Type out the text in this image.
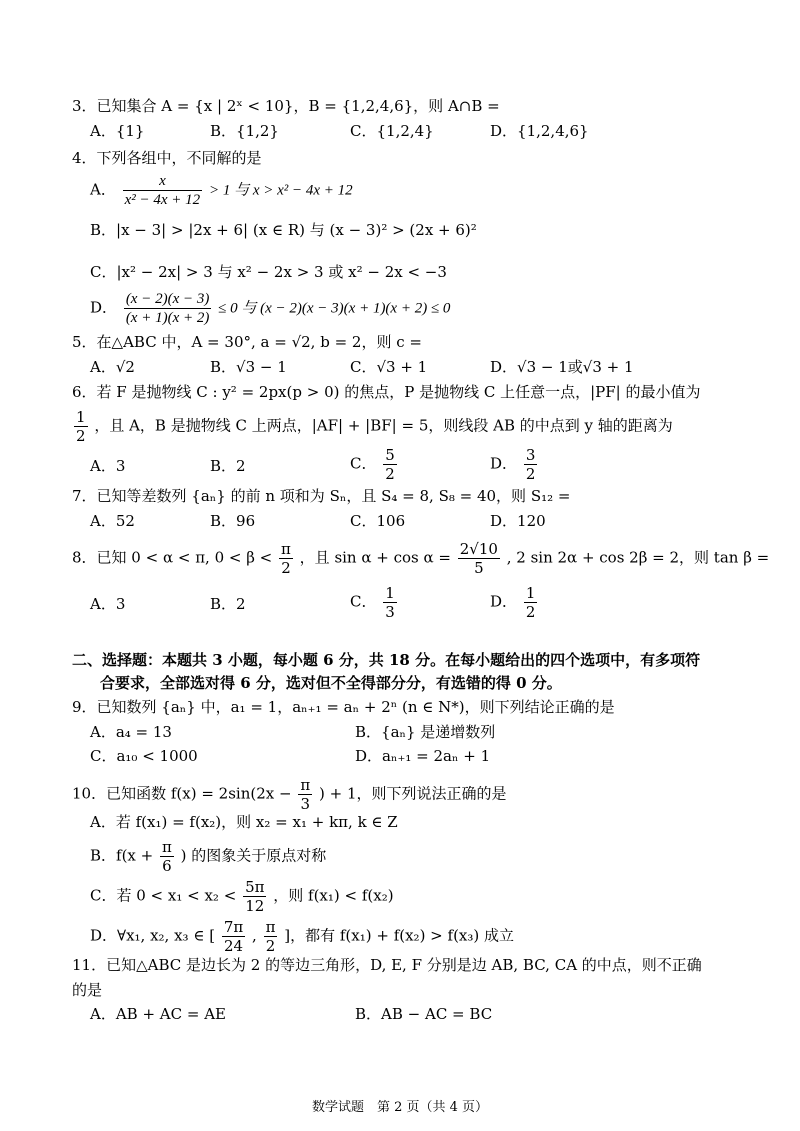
3．已知集合 A = {x | 2ˣ < 10}，B = {1,2,4,6}，则 A∩B =
A．{1}	B．{1,2}	C．{1,2,4}	D．{1,2,4,6}
4．下列各组中，不同解的是
A． $\frac{x}{\text{x² − 4x + 12}} > 1$ 与 x > x² − 4x + 12
B．|x − 3| > |2x + 6| (x ∈ R) 与 (x − 3)² > (2x + 6)²
C．|x² − 2x| > 3 与 x² − 2x > 3 或 x² − 2x < −3
D． $\frac{(x - 2)(x - 3)}{(x + 1)(x + 2)} \le 0$ 与 (x − 2)(x − 3)(x + 1)(x + 2) ≤ 0
5．在△ABC 中，A = 30°, a = √2, b = 2，则 c =
A．√2	B．√3 − 1	C．√3 + 1	D．√3 − 1或√3 + 1
6．若 F 是抛物线 C : y² = 2px(p > 0) 的焦点，P 是抛物线 C 上任意一点，|PF| 的最小值为
$\frac{1}{2}$ ，且 A，B 是抛物线 C 上两点，|AF| + |BF| = 5，则线段 AB 的中点到 y 轴的距离为
A．3	B．2	C． $\frac{5}{2}$	D． $\frac{3}{2}$
7．已知等差数列 {aₙ} 的前 n 项和为 Sₙ，且 S₄ = 8, S₈ = 40，则 S₁₂ =
A．52	B．96	C．106	D．120
8．已知 0 < α < π, $0 < \beta < \frac{\pi}{2}$ ，且 $\sin \alpha + \cos \alpha = \frac{2√10}{5}$ , 2 sin 2α + cos 2β = 2，则 tan β =
A．3	B．2	C． $\frac{1}{3}$	D． $\frac{1}{2}$
二、选择题：本题共 3 小题，每小题 6 分，共 18 分。在每小题给出的四个选项中，有多项符
合要求，全部选对得 6 分，选对但不全得部分分，有选错的得 0 分。
9．已知数列 {aₙ} 中，a₁ = 1，aₙ₊₁ = aₙ + 2ⁿ (n ∈ N*)，则下列结论正确的是
A．a₄ = 13	B．{aₙ} 是递增数列
C．a₁₀ < 1000	D．aₙ₊₁ = 2aₙ + 1
10．已知函数 $f(x) = 2\sin(2x - \frac{\pi}{3}$ ) + 1，则下列说法正确的是
A．若 f(x₁) = f(x₂)，则 x₂ = x₁ + kπ, k ∈ Z
B．$f(x + \frac{\pi}{6}$ ) 的图象关于原点对称
C．若 $0 < x_1 < x_2 < \frac{5\pi}{12}$ ，则 f(x₁) < f(x₂)
D．∀x₁, x₂, x₃ ∈ [ $\frac{7\pi}{24}$ , $\frac{\pi}{2}$ ]，都有 f(x₁) + f(x₂) > f(x₃) 成立
11．已知△ABC 是边长为 2 的等边三角形，D, E, F 分别是边 AB, BC, CA 的中点，则不正确
的是
A．AB + AC = AE	B．AB − AC = BC
数学试题　第 2 页（共 4 页）
